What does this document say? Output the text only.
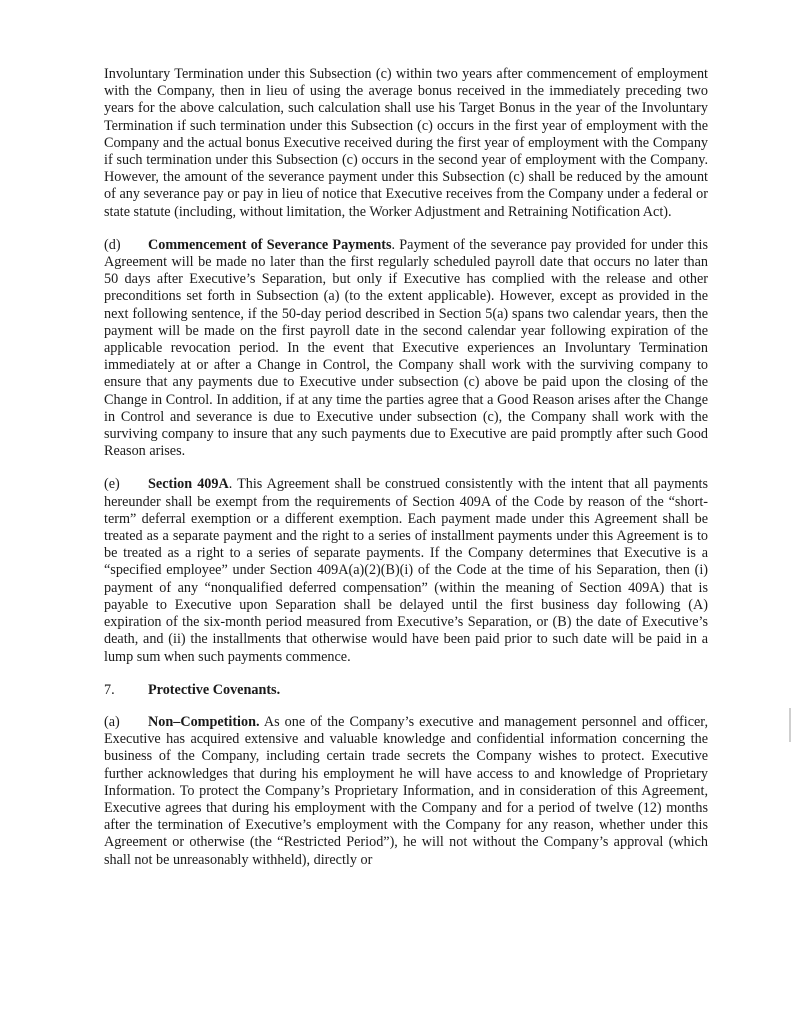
Involuntary Termination under this Subsection (c) within two years after commencement of employment with the Company, then in lieu of using the average bonus received in the immediately preceding two years for the above calculation, such calculation shall use his Target Bonus in the year of the Involuntary Termination if such termination under this Subsection (c) occurs in the first year of employment with the Company and the actual bonus Executive received during the first year of employment with the Company if such termination under this Subsection (c) occurs in the second year of employment with the Company. However, the amount of the severance payment under this Subsection (c) shall be reduced by the amount of any severance pay or pay in lieu of notice that Executive receives from the Company under a federal or state statute (including, without limitation, the Worker Adjustment and Retraining Notification Act).

(d) Commencement of Severance Payments. Payment of the severance pay provided for under this Agreement will be made no later than the first regularly scheduled payroll date that occurs no later than 50 days after Executive’s Separation, but only if Executive has complied with the release and other preconditions set forth in Subsection (a) (to the extent applicable). However, except as provided in the next following sentence, if the 50-day period described in Section 5(a) spans two calendar years, then the payment will be made on the first payroll date in the second calendar year following expiration of the applicable revocation period. In the event that Executive experiences an Involuntary Termination immediately at or after a Change in Control, the Company shall work with the surviving company to ensure that any payments due to Executive under subsection (c) above be paid upon the closing of the Change in Control. In addition, if at any time the parties agree that a Good Reason arises after the Change in Control and severance is due to Executive under subsection (c), the Company shall work with the surviving company to insure that any such payments due to Executive are paid promptly after such Good Reason arises.

(e) Section 409A. This Agreement shall be construed consistently with the intent that all payments hereunder shall be exempt from the requirements of Section 409A of the Code by reason of the “short-term” deferral exemption or a different exemption. Each payment made under this Agreement shall be treated as a separate payment and the right to a series of installment payments under this Agreement is to be treated as a right to a series of separate payments. If the Company determines that Executive is a “specified employee” under Section 409A(a)(2)(B)(i) of the Code at the time of his Separation, then (i) payment of any “nonqualified deferred compensation” (within the meaning of Section 409A) that is payable to Executive upon Separation shall be delayed until the first business day following (A) expiration of the six-month period measured from Executive’s Separation, or (B) the date of Executive’s death, and (ii) the installments that otherwise would have been paid prior to such date will be paid in a lump sum when such payments commence.

7. Protective Covenants.

(a) Non–Competition. As one of the Company’s executive and management personnel and officer, Executive has acquired extensive and valuable knowledge and confidential information concerning the business of the Company, including certain trade secrets the Company wishes to protect. Executive further acknowledges that during his employment he will have access to and knowledge of Proprietary Information. To protect the Company’s Proprietary Information, and in consideration of this Agreement, Executive agrees that during his employment with the Company and for a period of twelve (12) months after the termination of Executive’s employment with the Company for any reason, whether under this Agreement or otherwise (the “Restricted Period”), he will not without the Company’s approval (which shall not be unreasonably withheld), directly or
